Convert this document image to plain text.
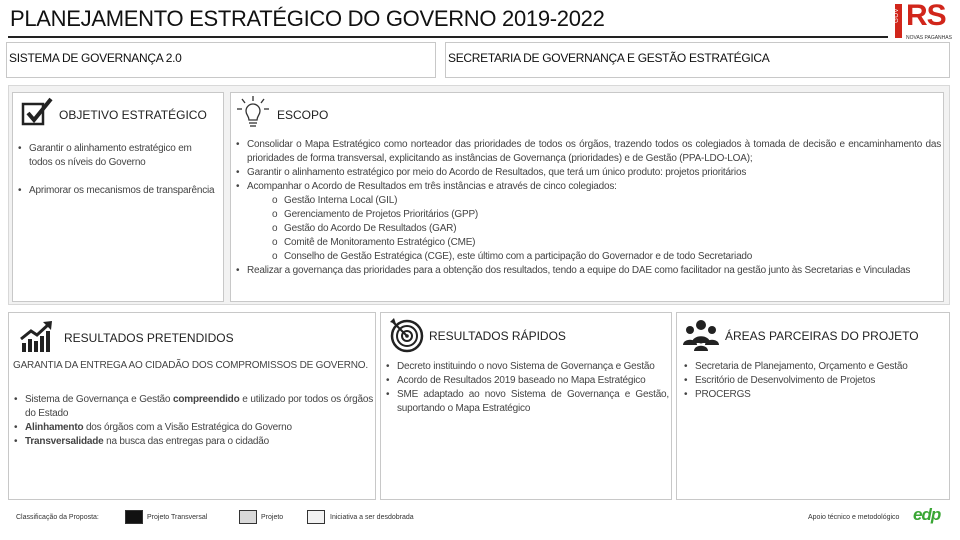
PLANEJAMENTO ESTRATÉGICO DO GOVERNO 2019-2022	GOV RS
NOVAS PAGANHAS
SISTEMA DE GOVERNANÇA 2.0	SECRETARIA DE GOVERNANÇA E GESTÃO ESTRATÉGICA
OBJETIVO ESTRATÉGICO
• Garantir o alinhamento estratégico em todos os níveis do Governo
• Aprimorar os mecanismos de transparência
ESCOPO
• Consolidar o Mapa Estratégico como norteador das prioridades de todos os órgãos, trazendo todos os colegiados à tomada de decisão e encaminhamento das prioridades de forma transversal, explicitando as instâncias de Governança (prioridades) e de Gestão (PPA-LDO-LOA);
• Garantir o alinhamento estratégico por meio do Acordo de Resultados, que terá um único produto: projetos prioritários
• Acompanhar o Acordo de Resultados em três instâncias e através de cinco colegiados:
o Gestão Interna Local (GIL)
o Gerenciamento de Projetos Prioritários (GPP)
o Gestão do Acordo De Resultados (GAR)
o Comitê de Monitoramento Estratégico (CME)
o Conselho de Gestão Estratégica (CGE), este último com a participação do Governador e de todo Secretariado
• Realizar a governança das prioridades para a obtenção dos resultados, tendo a equipe do DAE como facilitador na gestão junto às Secretarias e Vinculadas
RESULTADOS PRETENDIDOS
GARANTIA DA ENTREGA AO CIDADÃO DOS COMPROMISSOS DE GOVERNO.
• Sistema de Governança e Gestão compreendido e utilizado por todos os órgãos do Estado
• Alinhamento dos órgãos com a Visão Estratégica do Governo
• Transversalidade na busca das entregas para o cidadão
RESULTADOS RÁPIDOS
• Decreto instituindo o novo Sistema de Governança e Gestão
• Acordo de Resultados 2019 baseado no Mapa Estratégico
• SME adaptado ao novo Sistema de Governança e Gestão, suportando o Mapa Estratégico
ÁREAS PARCEIRAS DO PROJETO
• Secretaria de Planejamento, Orçamento e Gestão
• Escritório de Desenvolvimento de Projetos
• PROCERGS
Classificação da Proposta:	Projeto Transversal	Projeto	Iniciativa a ser desdobrada	Apoio técnico e metodológico edp
